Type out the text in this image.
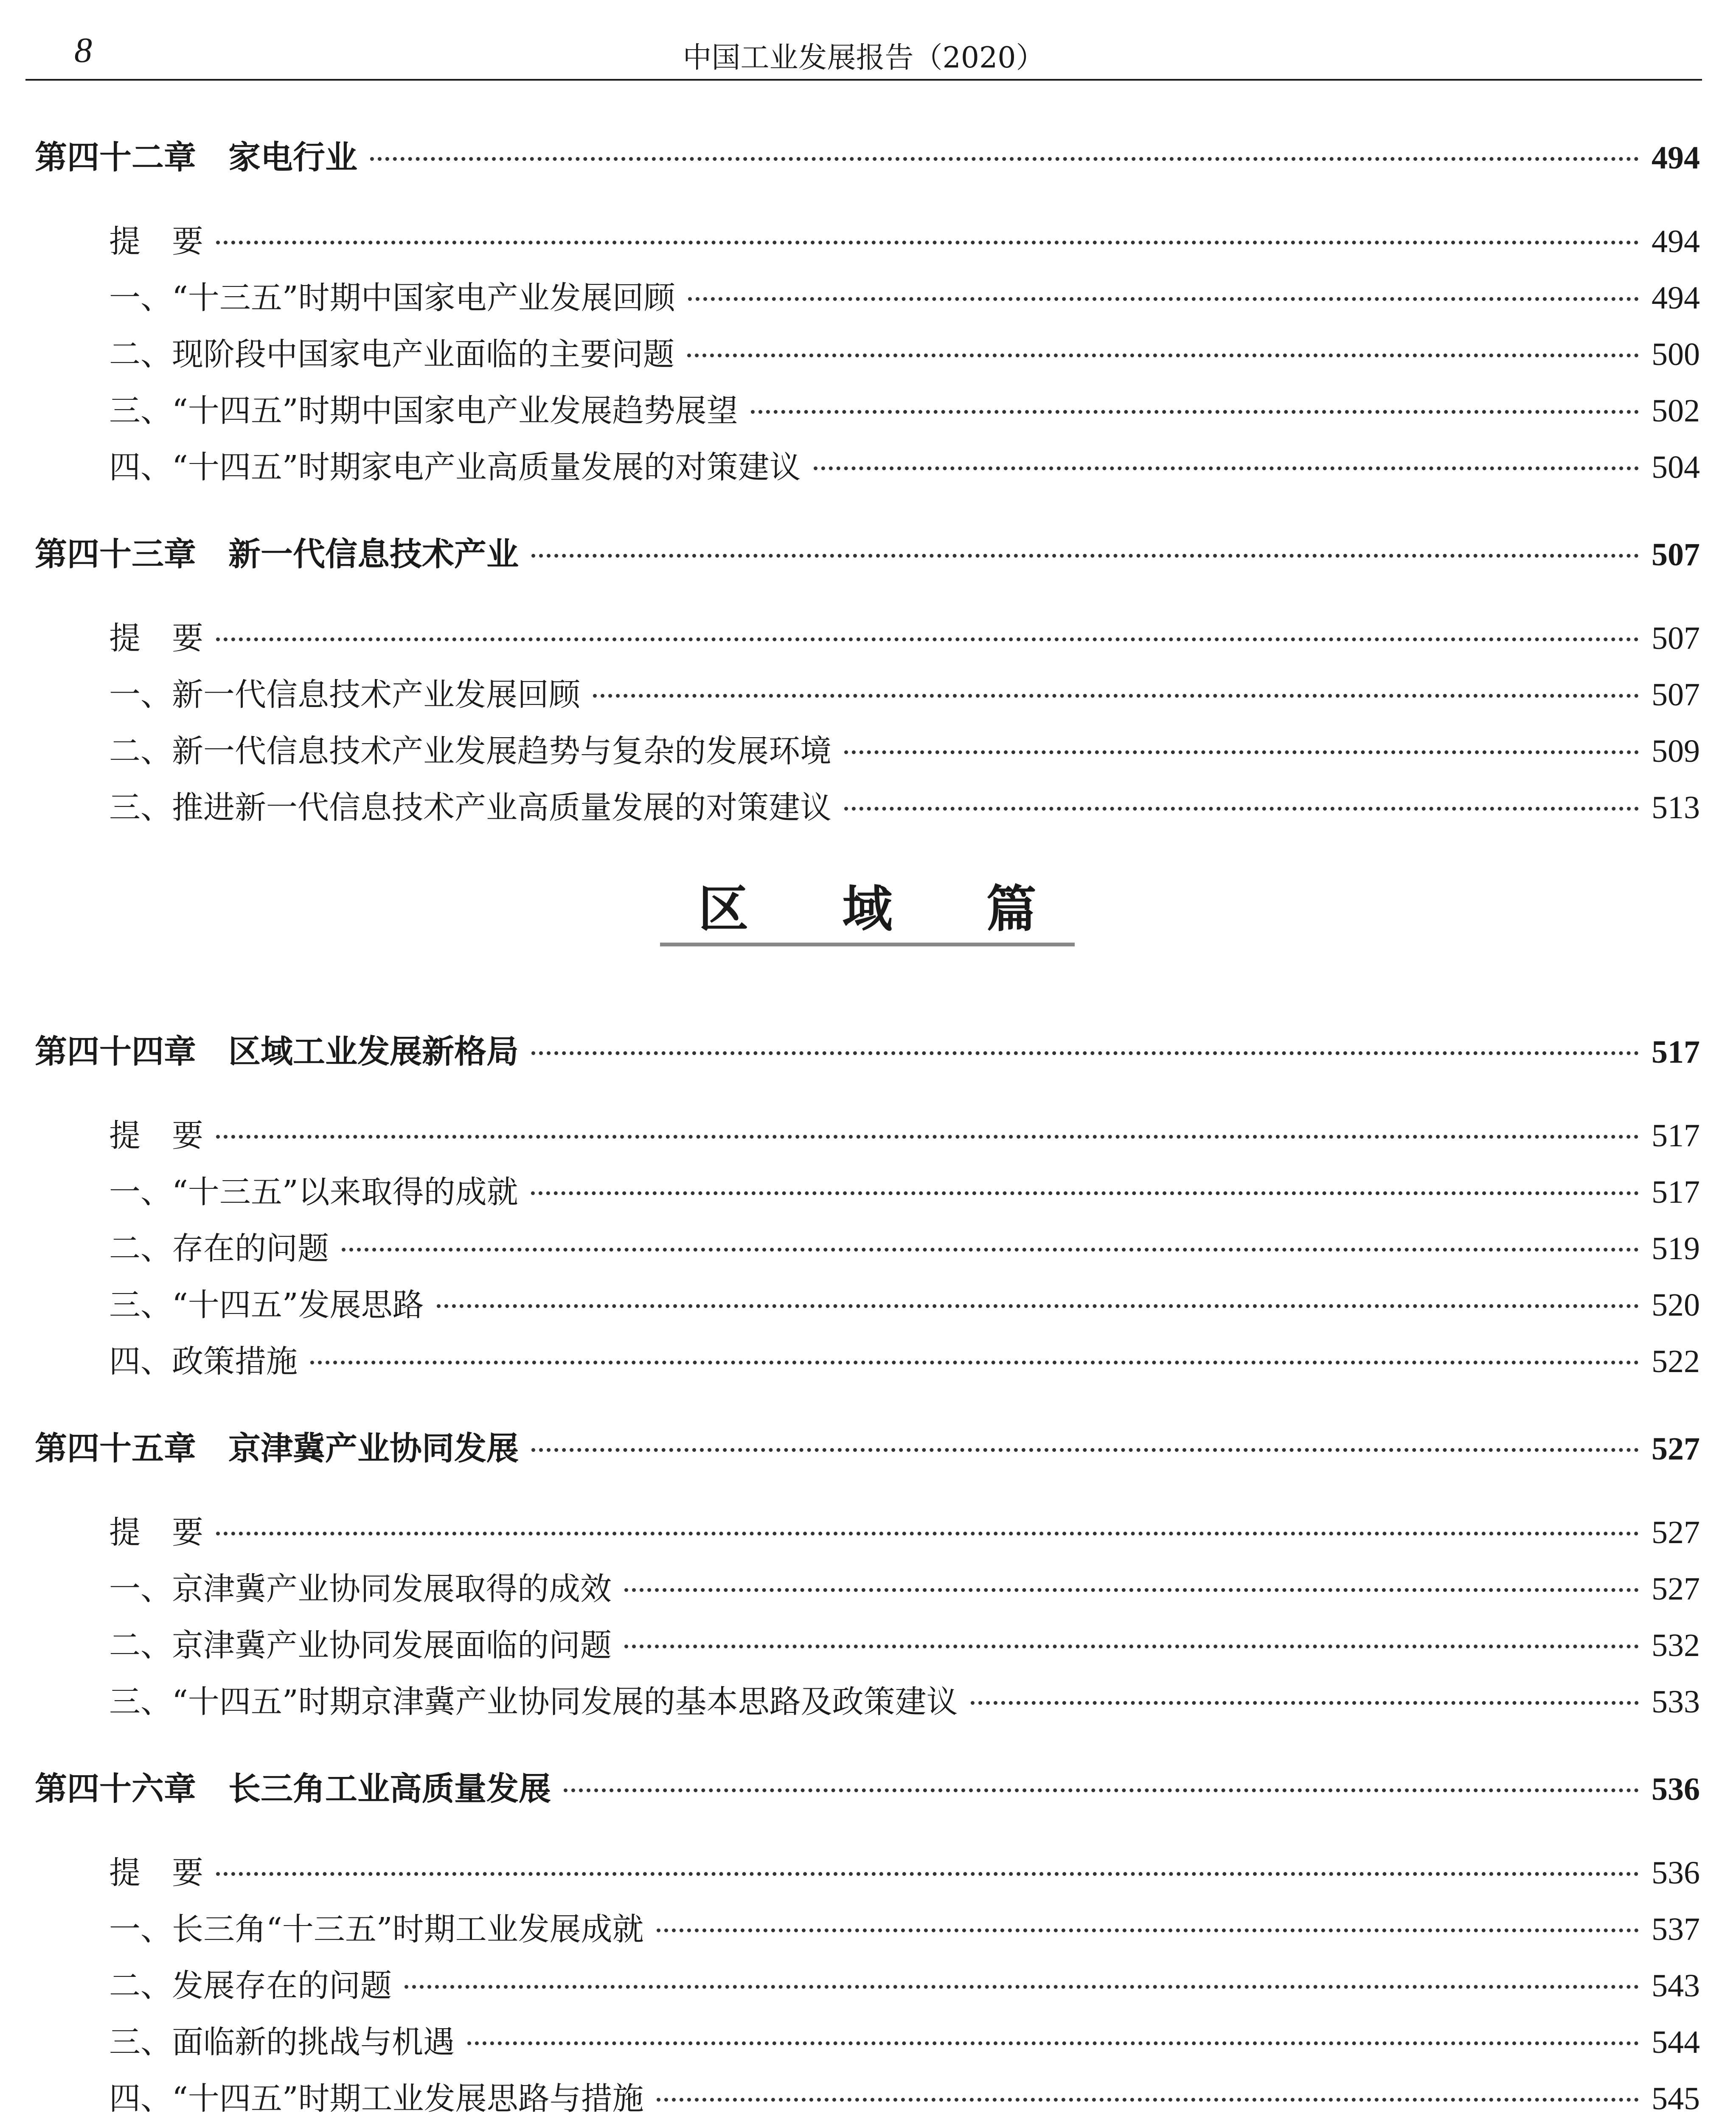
8	中国工业发展报告（2020）
第四十二章　家电行业	494
提　要	494
一、“十三五”时期中国家电产业发展回顾	494
二、现阶段中国家电产业面临的主要问题	500
三、“十四五”时期中国家电产业发展趋势展望	502
四、“十四五”时期家电产业高质量发展的对策建议	504
第四十三章　新一代信息技术产业	507
提　要	507
一、新一代信息技术产业发展回顾	507
二、新一代信息技术产业发展趋势与复杂的发展环境	509
三、推进新一代信息技术产业高质量发展的对策建议	513
区 域 篇
第四十四章　区域工业发展新格局	517
提　要	517
一、“十三五”以来取得的成就	517
二、存在的问题	519
三、“十四五”发展思路	520
四、政策措施	522
第四十五章　京津冀产业协同发展	527
提　要	527
一、京津冀产业协同发展取得的成效	527
二、京津冀产业协同发展面临的问题	532
三、“十四五”时期京津冀产业协同发展的基本思路及政策建议	533
第四十六章　长三角工业高质量发展	536
提　要	536
一、长三角“十三五”时期工业发展成就	537
二、发展存在的问题	543
三、面临新的挑战与机遇	544
四、“十四五”时期工业发展思路与措施	545
